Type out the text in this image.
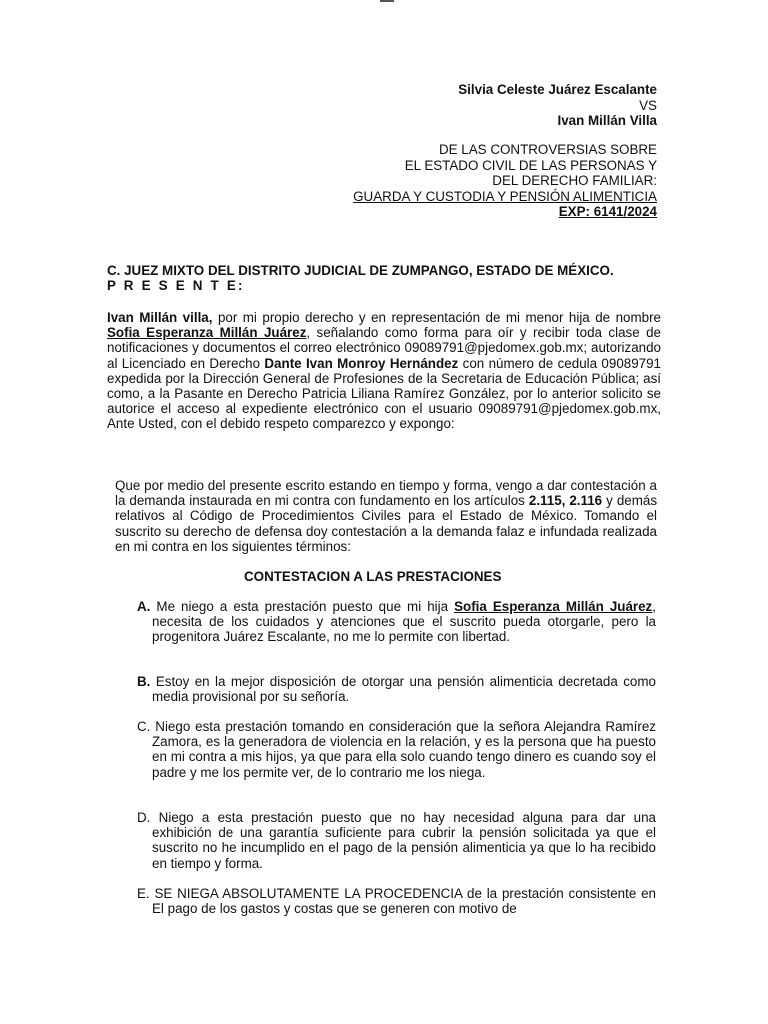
Silvia Celeste Juárez Escalante
VS
Ivan Millán Villa
DE LAS CONTROVERSIAS SOBRE
EL ESTADO CIVIL DE LAS PERSONAS Y
DEL DERECHO FAMILIAR:
GUARDA Y CUSTODIA Y PENSIÓN ALIMENTICIA
EXP: 6141/2024
C. JUEZ MIXTO DEL DISTRITO JUDICIAL DE ZUMPANGO, ESTADO DE MÉXICO.
P R E S E N T E:

Ivan Millán villa, por mi propio derecho y en representación de mi menor hija de nombre Sofia Esperanza Millán Juárez, señalando como forma para oír y recibir toda clase de notificaciones y documentos el correo electrónico 09089791@pjedomex.gob.mx; autorizando al Licenciado en Derecho Dante Ivan Monroy Hernández con número de cedula 09089791 expedida por la Dirección General de Profesiones de la Secretaria de Educación Pública; así como, a la Pasante en Derecho Patricia Liliana Ramírez González, por lo anterior solicito se autorice el acceso al expediente electrónico con el usuario 09089791@pjedomex.gob.mx, Ante Usted, con el debido respeto comparezco y expongo:

Que por medio del presente escrito estando en tiempo y forma, vengo a dar contestación a la demanda instaurada en mi contra con fundamento en los artículos 2.115, 2.116 y demás relativos al Código de Procedimientos Civiles para el Estado de México. Tomando el suscrito su derecho de defensa doy contestación a la demanda falaz e infundada realizada en mi contra en los siguientes términos:

CONTESTACION A LAS PRESTACIONES

A. Me niego a esta prestación puesto que mi hija Sofia Esperanza Millán Juárez, necesita de los cuidados y atenciones que el suscrito pueda otorgarle, pero la progenitora Juárez Escalante, no me lo permite con libertad.

B. Estoy en la mejor disposición de otorgar una pensión alimenticia decretada como media provisional por su señoría.

C. Niego esta prestación tomando en consideración que la señora Alejandra Ramírez Zamora, es la generadora de violencia en la relación, y es la persona que ha puesto en mi contra a mis hijos, ya que para ella solo cuando tengo dinero es cuando soy el padre y me los permite ver, de lo contrario me los niega.

D. Niego a esta prestación puesto que no hay necesidad alguna para dar una exhibición de una garantía suficiente para cubrir la pensión solicitada ya que el suscrito no he incumplido en el pago de la pensión alimenticia ya que lo ha recibido en tiempo y forma.

E. SE NIEGA ABSOLUTAMENTE LA PROCEDENCIA de la prestación consistente en El pago de los gastos y costas que se generen con motivo de
